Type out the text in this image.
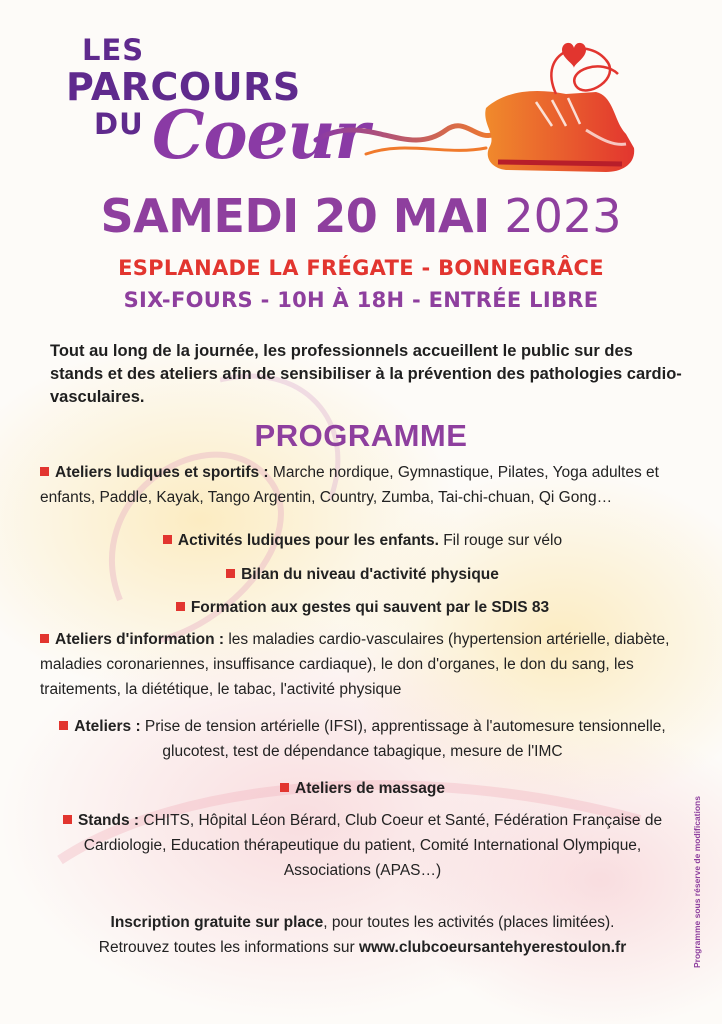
LES
PARCOURS
DU Coeur
SAMEDI 20 MAI 2023
ESPLANADE LA FRÉGATE - BONNEGRÂCE
SIX-FOURS - 10H À 18H - ENTRÉE LIBRE
Tout au long de la journée, les professionnels accueillent le public sur des stands et des ateliers afin de sensibiliser à la prévention des pathologies cardio-vasculaires.
PROGRAMME
Ateliers ludiques et sportifs : Marche nordique, Gymnastique, Pilates, Yoga adultes et enfants, Paddle, Kayak, Tango Argentin, Country, Zumba, Tai-chi-chuan, Qi Gong…
Activités ludiques pour les enfants. Fil rouge sur vélo
Bilan du niveau d'activité physique
Formation aux gestes qui sauvent par le SDIS 83
Ateliers d'information : les maladies cardio-vasculaires (hypertension artérielle, diabète, maladies coronariennes, insuffisance cardiaque), le don d'organes, le don du sang, les traitements, la diététique, le tabac, l'activité physique
Ateliers : Prise de tension artérielle (IFSI), apprentissage à l'automesure tensionnelle, glucotest, test de dépendance tabagique, mesure de l'IMC
Ateliers de massage
Stands : CHITS, Hôpital Léon Bérard, Club Coeur et Santé, Fédération Française de Cardiologie, Education thérapeutique du patient, Comité International Olympique, Associations (APAS…)
Inscription gratuite sur place, pour toutes les activités (places limitées).
Retrouvez toutes les informations sur www.clubcoeursantehyerestoulon.fr	Programme sous réserve de modifications
